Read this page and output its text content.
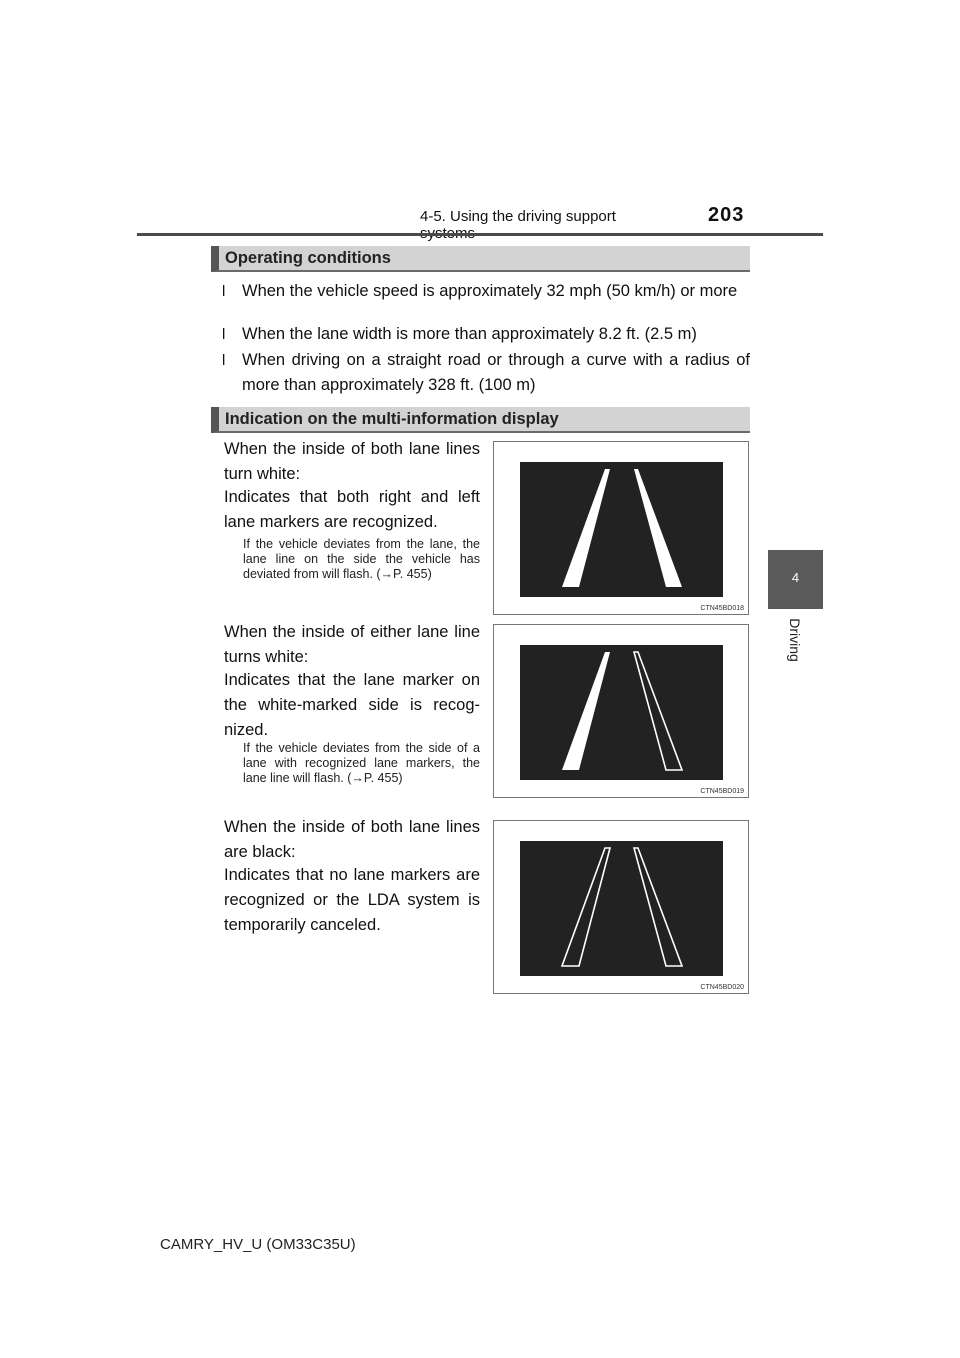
4-5. Using the driving support	203
4
Driving
Operating conditions
l When the vehicle speed is approximately 32 mph (50 km/h) or more
l When the lane width is more than approximately 8.2 ft. (2.5 m)
l When driving on a straight road or through a curve with a radius of more than approximately 328 ft. (100 m)
Indication on the multi-information display
When the inside of both lane lines turn white:
Indicates that both right and left lane markers are recognized.
If the vehicle deviates from the lane, the lane line on the side the vehicle has deviated from will flash. (→P. 455)
CTN45BD018
When the inside of either lane line turns white:
Indicates that the lane marker on the white-marked side is recog-nized.
If the vehicle deviates from the side of a lane with recognized lane markers, the lane line will flash. (→P. 455)
CTN45BD019
When the inside of both lane lines are black:
Indicates that no lane markers are recognized or the LDA system is temporarily canceled.
CTN45BD020
CAMRY_HV_U (OM33C35U)
